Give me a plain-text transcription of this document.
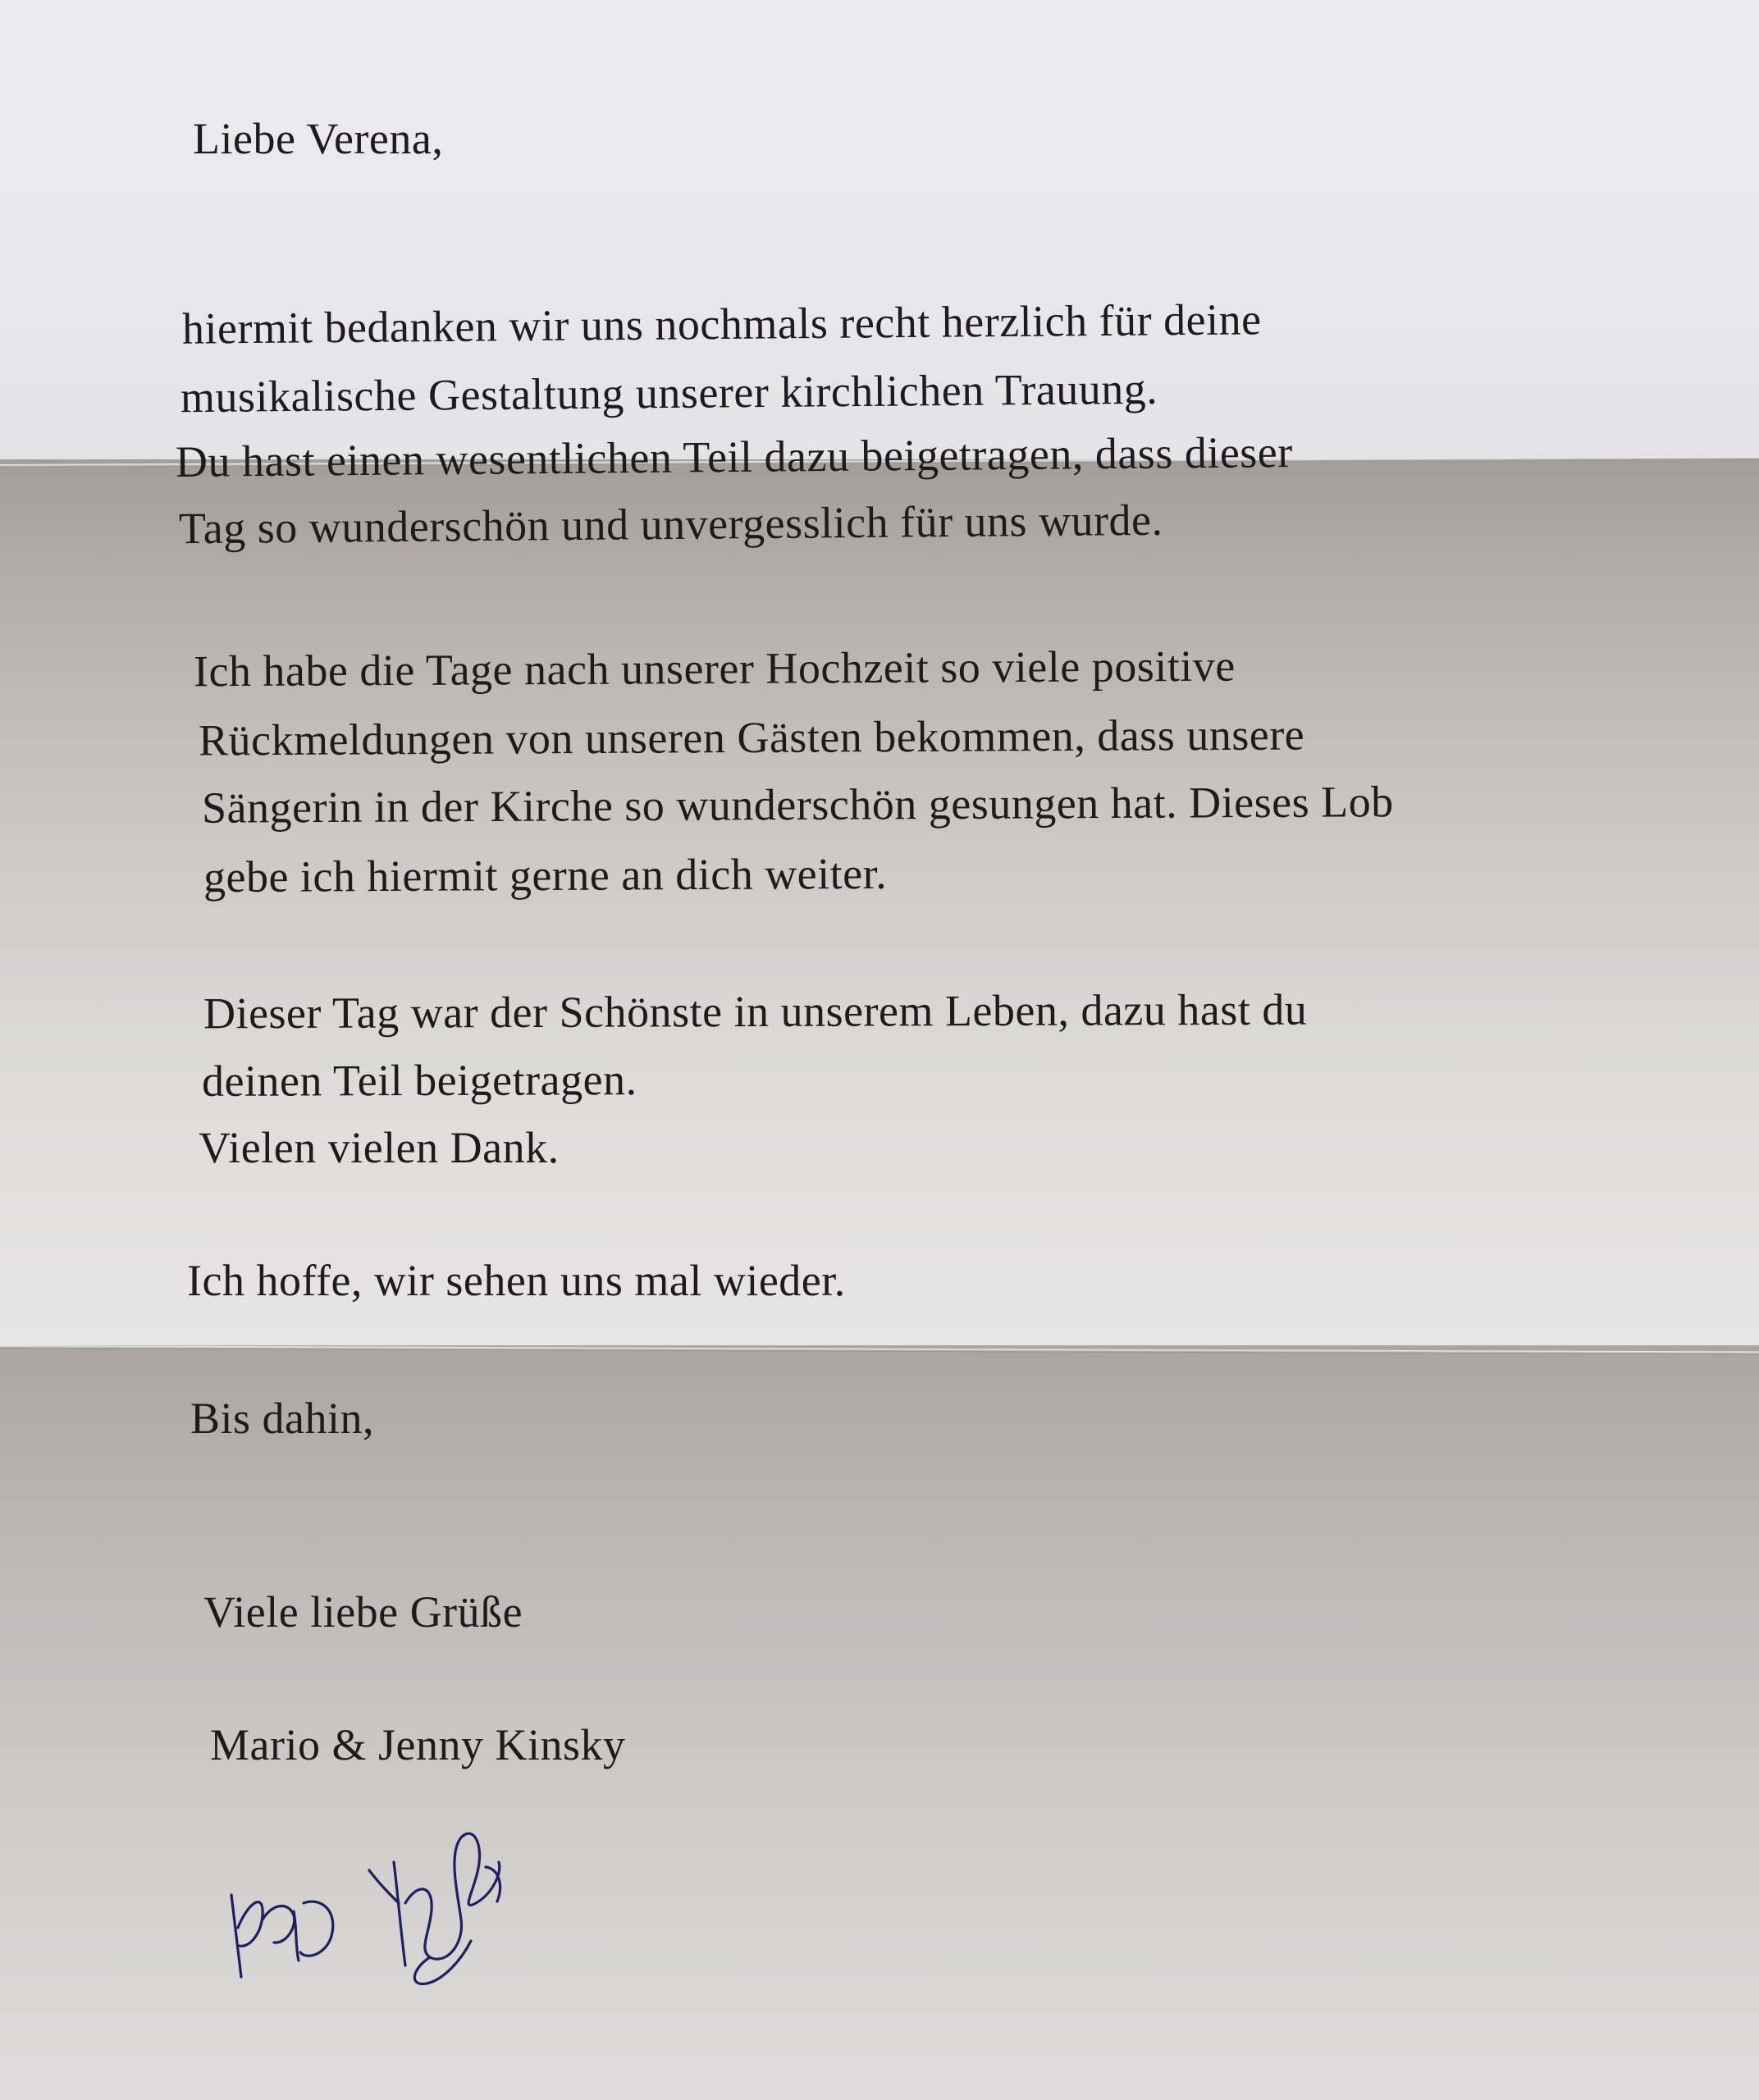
Liebe Verena,

hiermit bedanken wir uns nochmals recht herzlich für deine

musikalische Gestaltung unserer kirchlichen Trauung.

Du hast einen wesentlichen Teil dazu beigetragen, dass dieser

Tag so wunderschön und unvergesslich für uns wurde.

Ich habe die Tage nach unserer Hochzeit so viele positive

Rückmeldungen von unseren Gästen bekommen, dass unsere

Sängerin in der Kirche so wunderschön gesungen hat. Dieses Lob

gebe ich hiermit gerne an dich weiter.

Dieser Tag war der Schönste in unserem Leben, dazu hast du

deinen Teil beigetragen.

Vielen vielen Dank.

Ich hoffe, wir sehen uns mal wieder.

Bis dahin,

Viele liebe Grüße

Mario & Jenny Kinsky
